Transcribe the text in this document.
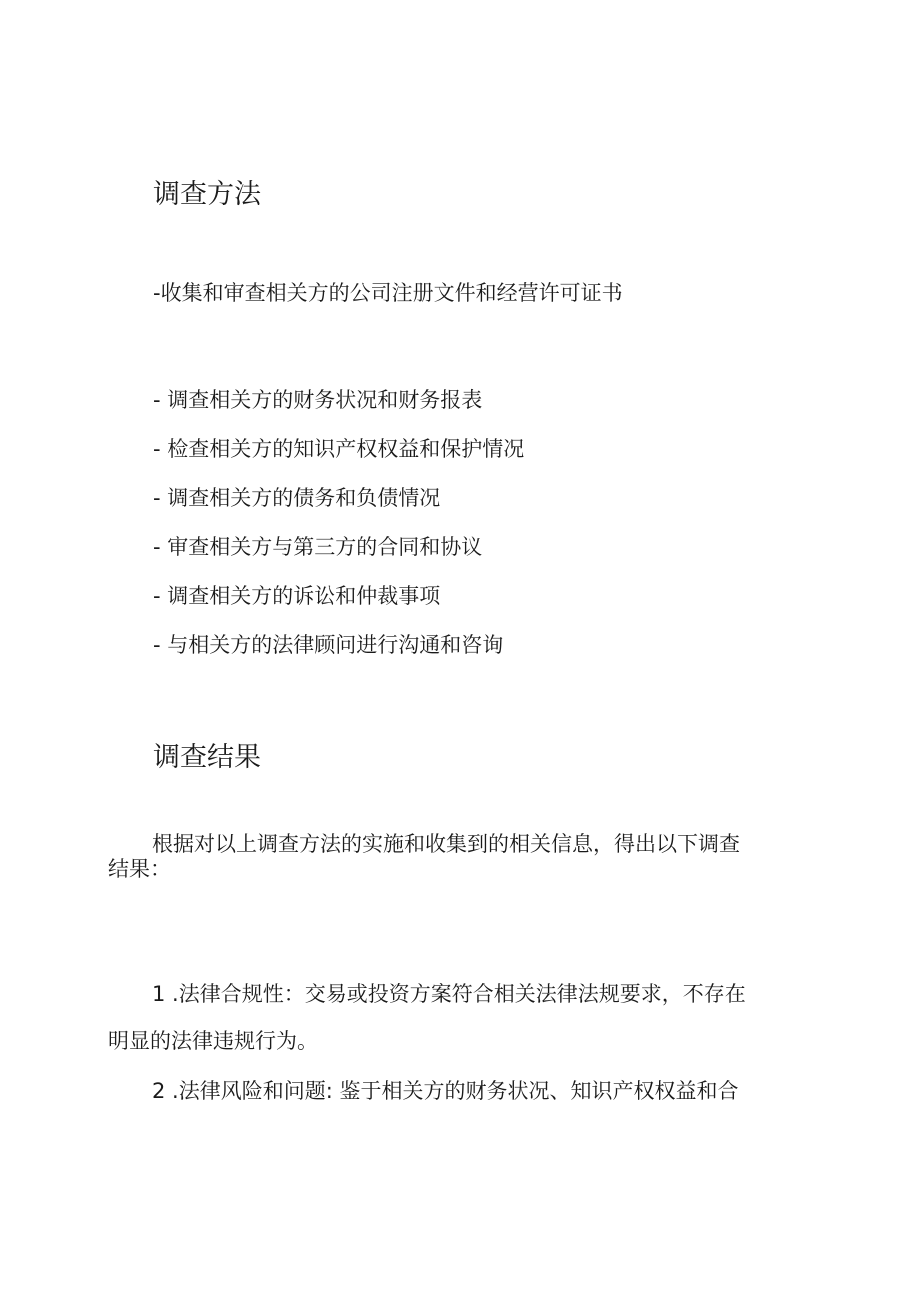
调查方法

-收集和审查相关方的公司注册文件和经营许可证书

- 调查相关方的财务状况和财务报表

- 检查相关方的知识产权权益和保护情况

- 调查相关方的债务和负债情况

- 审查相关方与第三方的合同和协议

- 调查相关方的诉讼和仲裁事项

- 与相关方的法律顾问进行沟通和咨询

调查结果

根据对以上调查方法的实施和收集到的相关信息，得出以下调查

结果：

1 .法律合规性：交易或投资方案符合相关法律法规要求，不存在

明显的法律违规行为。

2 .法律风险和问题: 鉴于相关方的财务状况、知识产权权益和合
